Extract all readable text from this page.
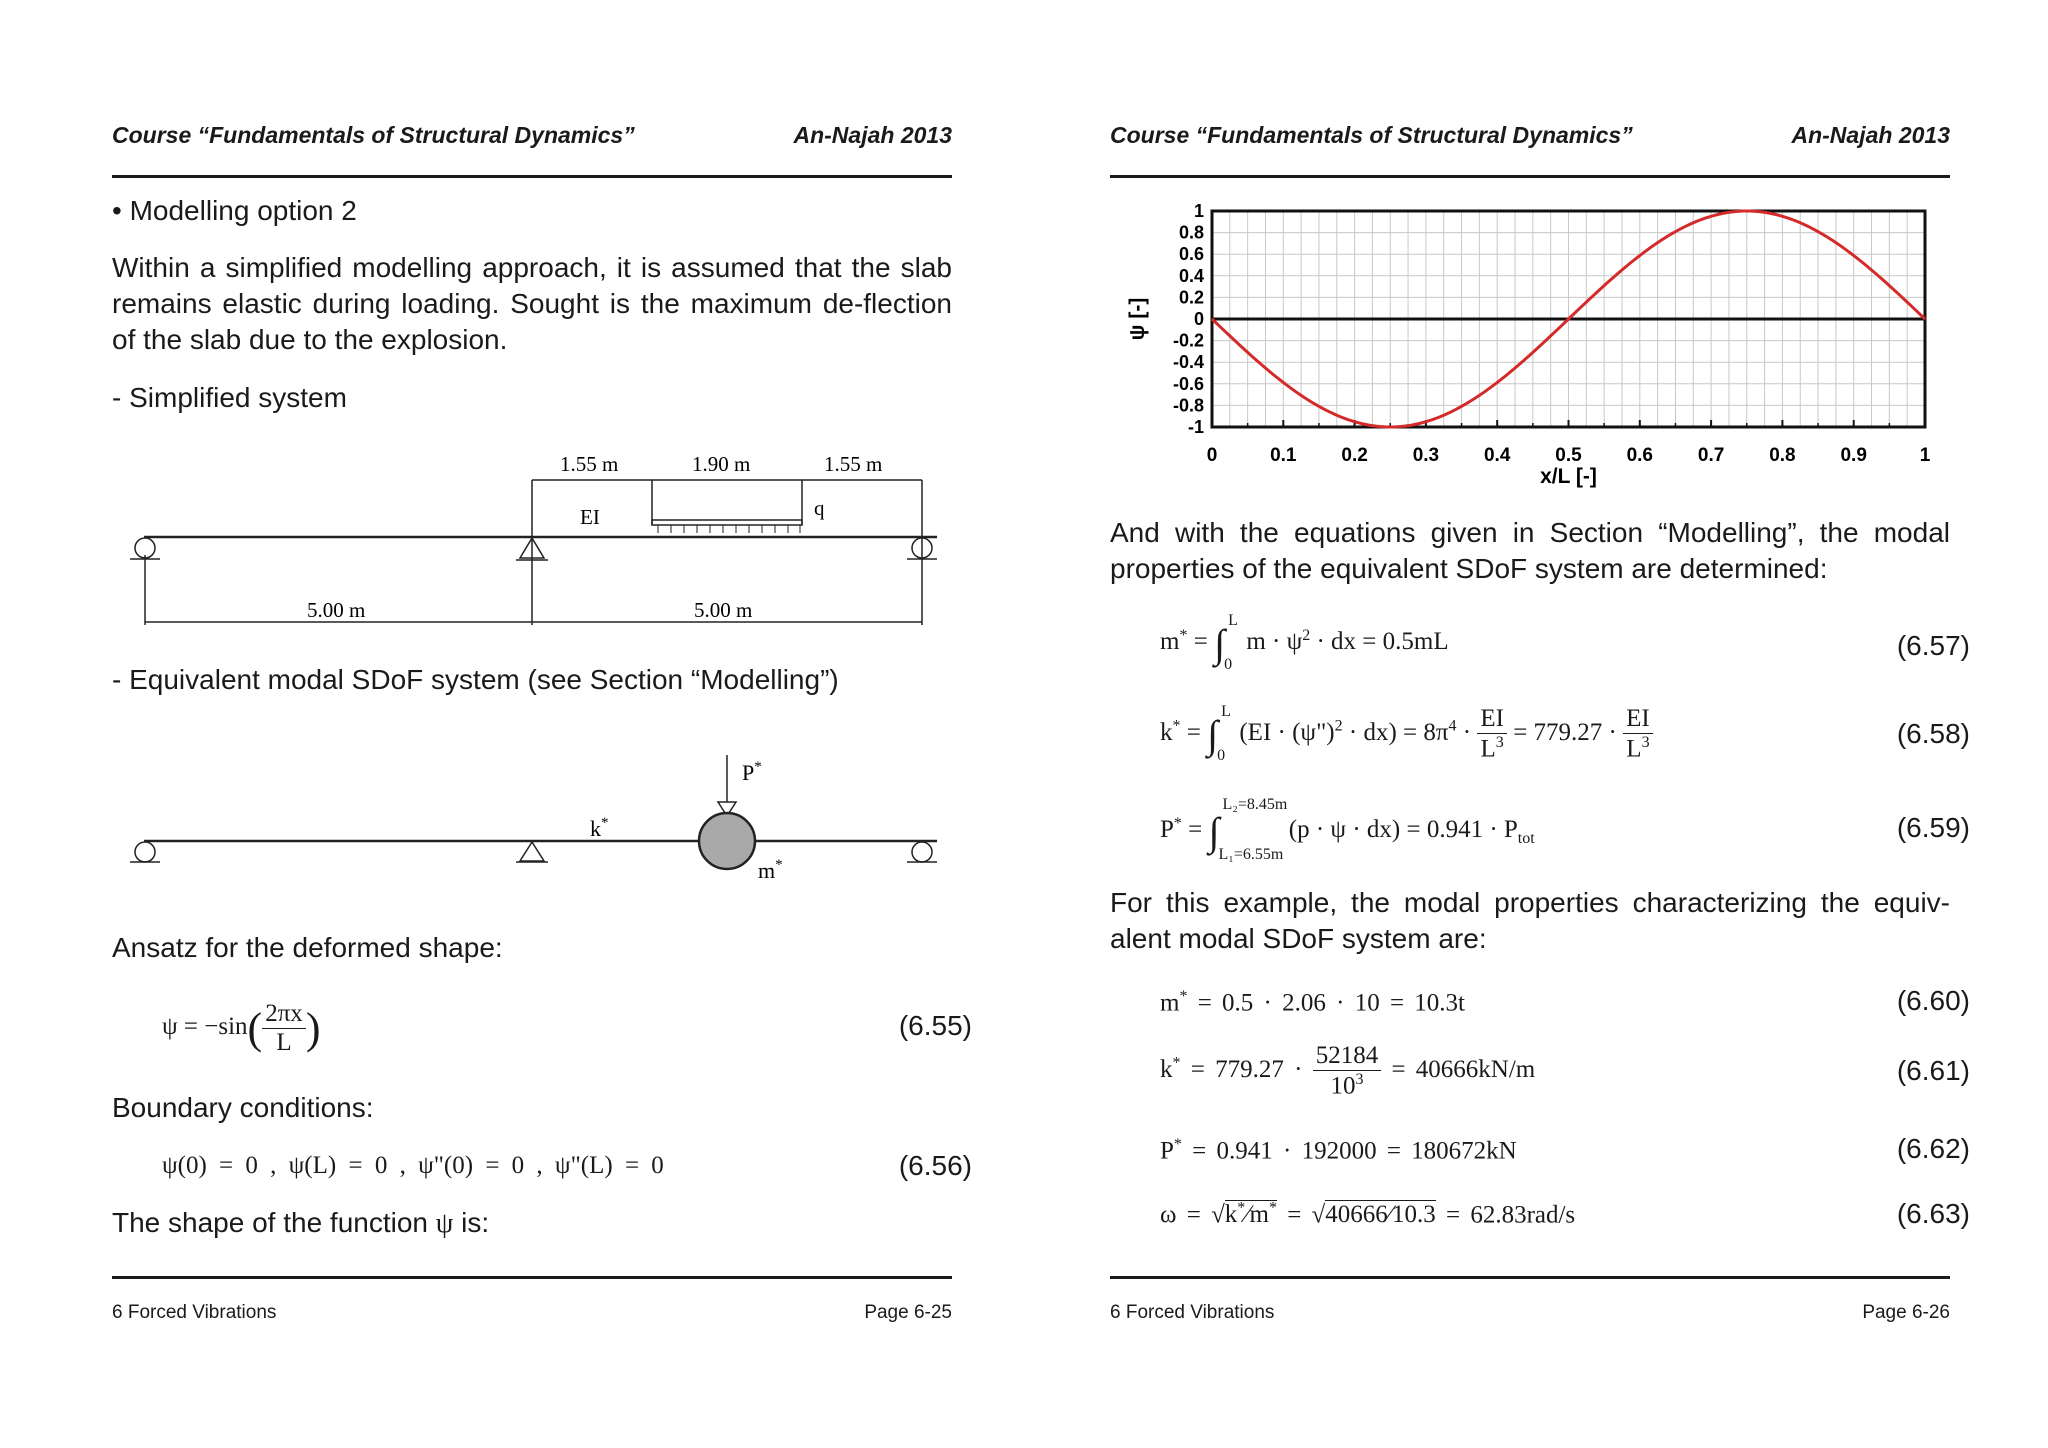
Course “Fundamentals of Structural Dynamics”	An-Najah 2013
• Modelling option 2
Within a simplified modelling approach, it is assumed that the slab remains elastic during loading. Sought is the maximum de-flection of the slab due to the explosion.
- Simplified system
1.55 m	1.90 m	1.55 m
EI	q
5.00 m	5.00 m
- Equivalent modal SDoF system (see Section “Modelling”)
P*
k*
m*
Ansatz for the deformed shape:
$\psi = -\sin( \frac{2\pi x}{L}$ )	(6.55)
Boundary conditions:
ψ(0) = 0 , ψ(L) = 0 , ψ"(0) = 0 , ψ"(L) = 0	(6.56)
The shape of the function ψ is:
6 Forced Vibrations	Page 6-25
Course “Fundamentals of Structural Dynamics”	An-Najah 2013
0	0.1 0.2 0.3 0.4 0.5 0.6 0.7 0.8 0.9	1
1
0.8
0.6
0.4
0.2
0
-0.2
-0.4
-0.6
-0.8
-1
x/L [-]
ψ [-]
And with the equations given in Section “Modelling”, the modal properties of the equivalent SDoF system are determined:
m* = ∫
L
0
$m \cdot \psi^2$ · dx = 0.5mL	(6.57)
k* = ∫
L
0
(EI · (ψ")$^2$ · $dx) = 8\pi^4 \cdot \frac{EI}{L^3} = 779.27 \cdot \frac{EI}{L^3}$	(6.58)
P* = ∫
L₂=8.45m
L₁=6.55m
$(p \cdot \psi \cdot dx) = 0.941 \cdot P_{tot}$	(6.59)
For this example, the modal properties characterizing the equiv-alent modal SDoF system are:
m* = 0.5 · 2.06 · 10 = 10.3t	(6.60)
$k^* = 779.27 \cdot \frac{52184}{10^3} = 40666kN/m$	(6.61)
P* = 0.941 · 192000 = 180672kN	(6.62)
ω = √k*⁄m* = √40666⁄10.3 = 62.83rad/s	(6.63)
6 Forced Vibrations	Page 6-26
